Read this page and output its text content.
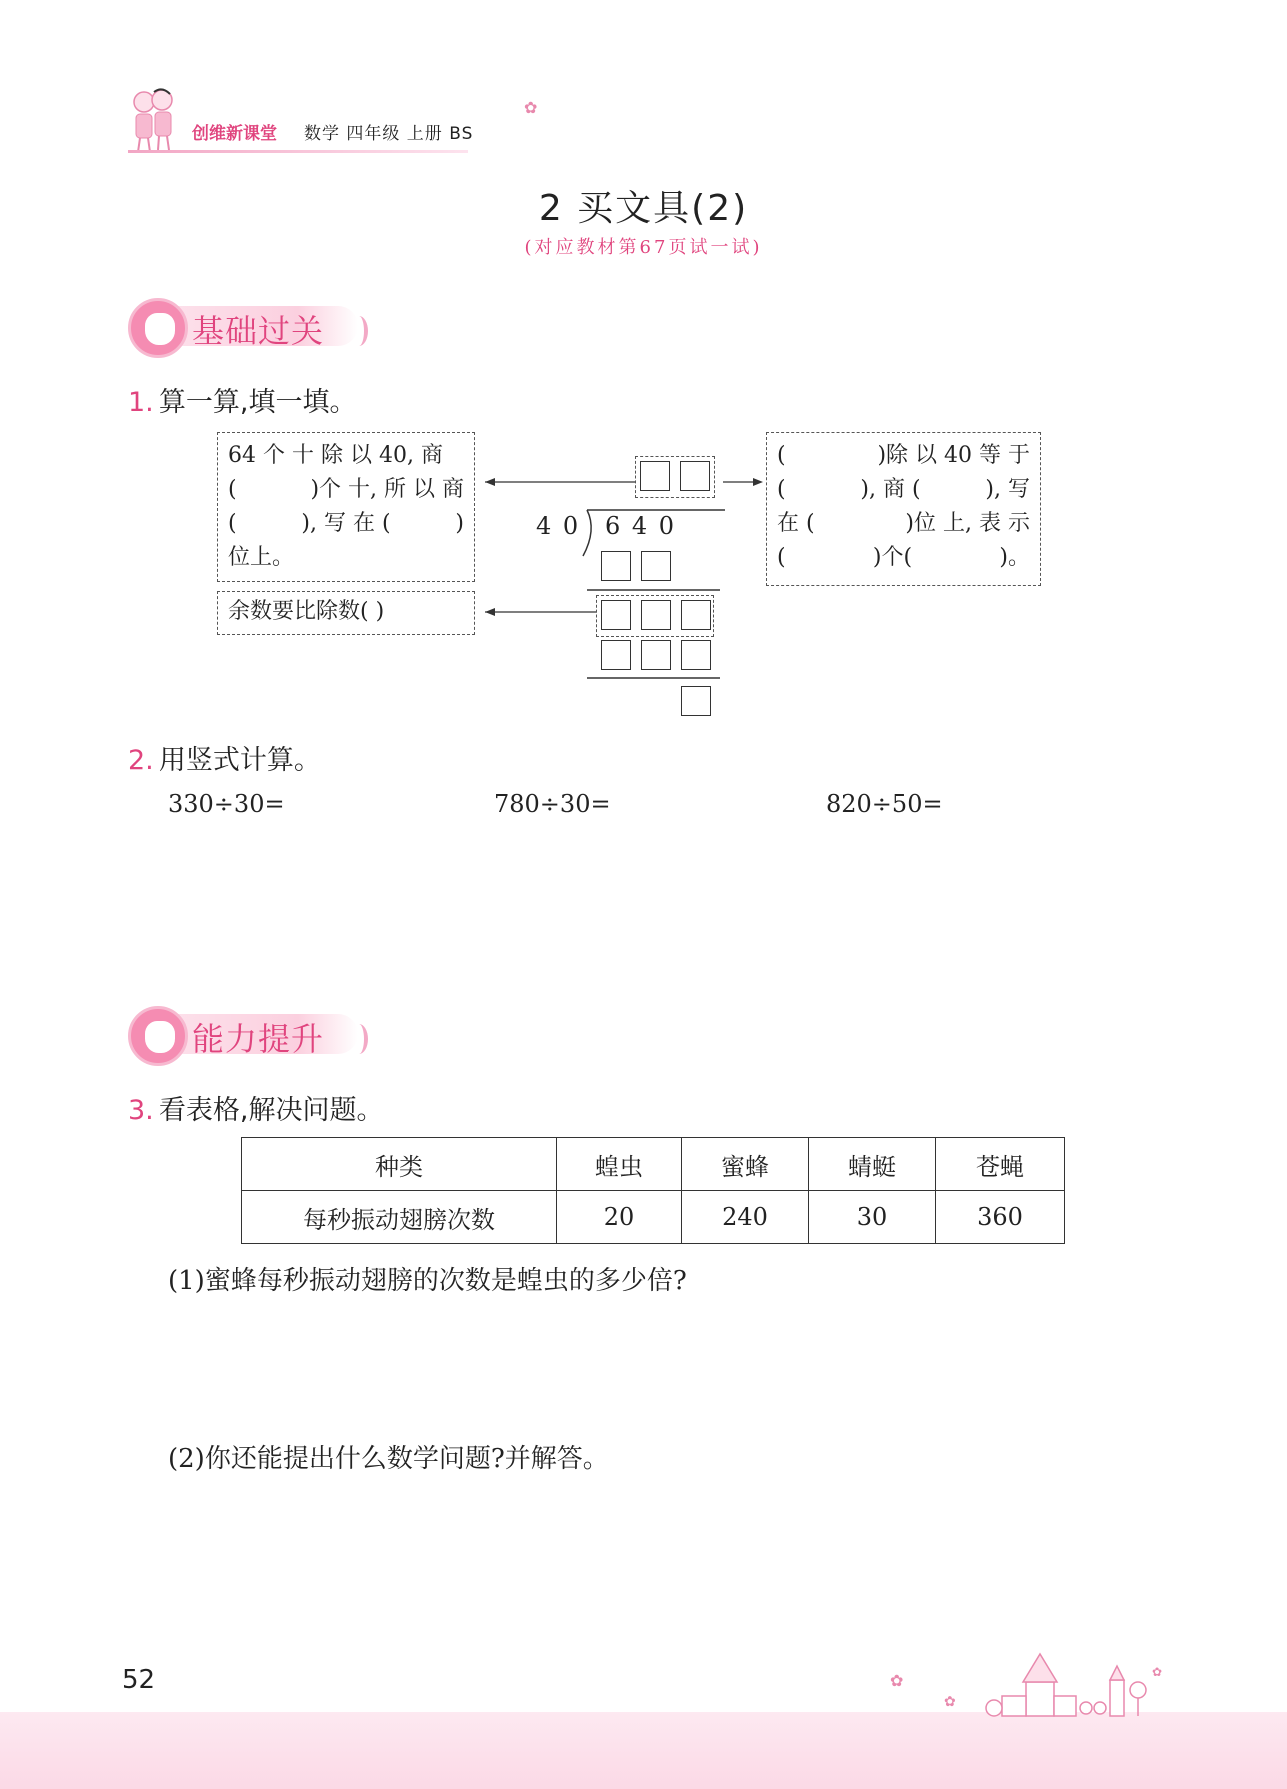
创维新课堂 数学 四年级 上册 BS
✿
2 买文具(2)
(对应教材第67页试一试)
基础过关
1. 算一算,填一填。
64 个 十 除 以 40, 商
(	)个 十, 所 以 商
(	), 写 在 (	)
位上。
余数要比除数( )
(	)除 以 40 等 于
(	), 商 (	), 写
在 (	)位 上, 表 示
(	)个(	)。
4 0 6 4 0
2. 用竖式计算。
330÷30=	780÷30=	820÷50=
能力提升
3. 看表格,解决问题。
种类	蝗虫	蜜蜂	蜻蜓	苍蝇
每秒振动翅膀次数	20	240	30	360
(1)蜜蜂每秒振动翅膀的次数是蝗虫的多少倍?
(2)你还能提出什么数学问题?并解答。
52	✿
✿
✿
